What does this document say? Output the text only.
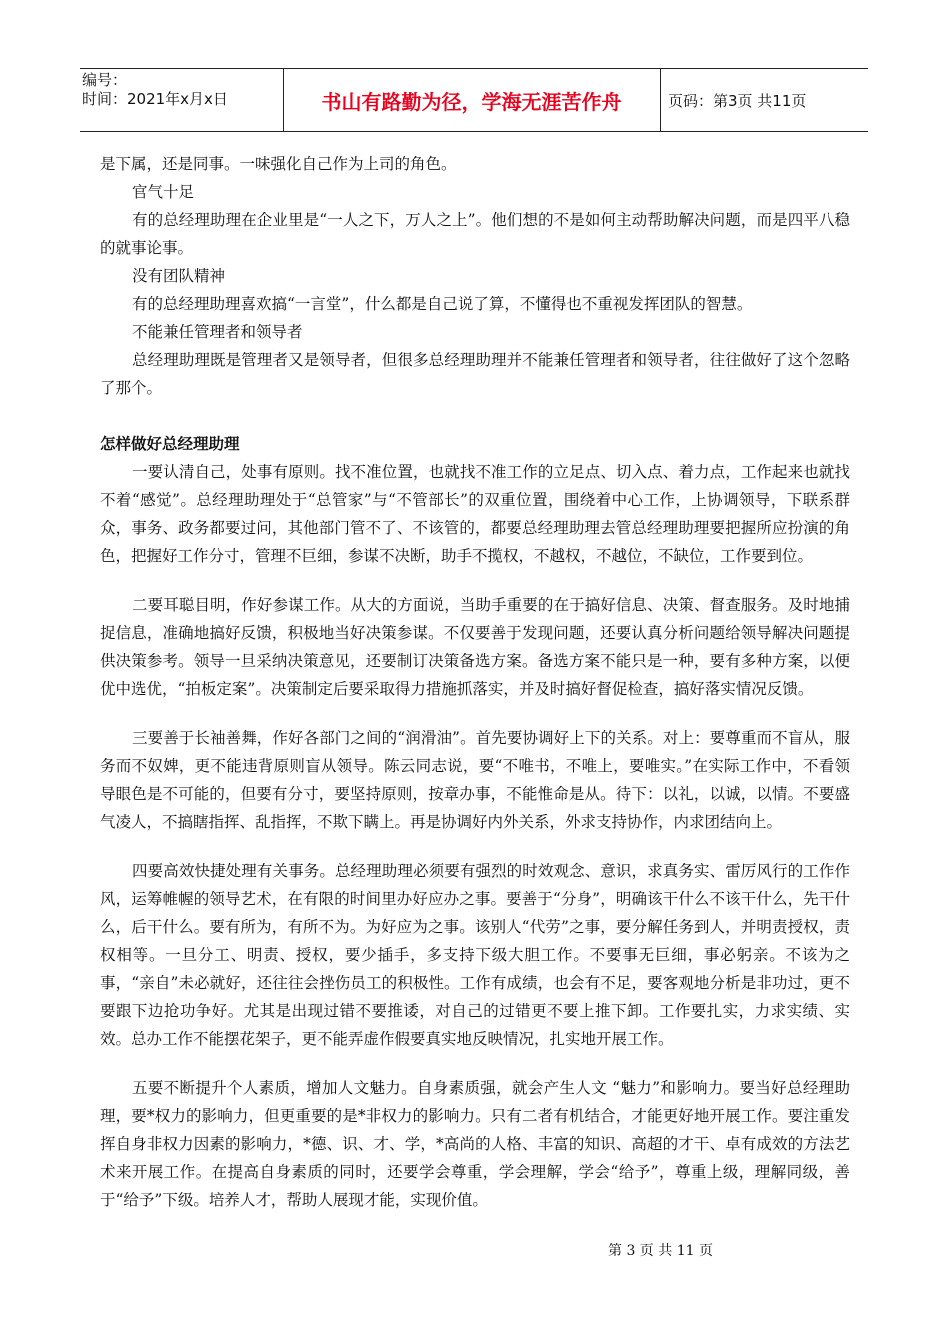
编号：
时间：2021年x月x日	书山有路勤为径，学海无涯苦作舟	页码：第3页 共11页

是下属，还是同事。一味强化自己作为上司的角色。

官气十足

有的总经理助理在企业里是“一人之下，万人之上”。他们想的不是如何主动帮助解决问题，而是四平八稳的就事论事。

没有团队精神

有的总经理助理喜欢搞“一言堂”，什么都是自己说了算，不懂得也不重视发挥团队的智慧。

不能兼任管理者和领导者

总经理助理既是管理者又是领导者，但很多总经理助理并不能兼任管理者和领导者，往往做好了这个忽略了那个。

怎样做好总经理助理

一要认清自己，处事有原则。找不准位置，也就找不准工作的立足点、切入点、着力点，工作起来也就找不着“感觉”。总经理助理处于“总管家”与“不管部长”的双重位置，围绕着中心工作，上协调领导，下联系群众，事务、政务都要过问，其他部门管不了、不该管的，都要总经理助理去管总经理助理要把握所应扮演的角色，把握好工作分寸，管理不巨细，参谋不决断，助手不揽权，不越权，不越位，不缺位，工作要到位。

二要耳聪目明，作好参谋工作。从大的方面说，当助手重要的在于搞好信息、决策、督查服务。及时地捕捉信息，准确地搞好反馈，积极地当好决策参谋。不仅要善于发现问题，还要认真分析问题给领导解决问题提供决策参考。领导一旦采纳决策意见，还要制订决策备选方案。备选方案不能只是一种，要有多种方案，以便优中选优，“拍板定案”。决策制定后要采取得力措施抓落实，并及时搞好督促检查，搞好落实情况反馈。

三要善于长袖善舞，作好各部门之间的“润滑油”。首先要协调好上下的关系。对上：要尊重而不盲从，服务而不奴婢，更不能违背原则盲从领导。陈云同志说，要“不唯书，不唯上，要唯实。”在实际工作中，不看领导眼色是不可能的，但要有分寸，要坚持原则，按章办事，不能惟命是从。待下：以礼，以诚，以情。不要盛气凌人，不搞瞎指挥、乱指挥，不欺下瞒上。再是协调好内外关系，外求支持协作，内求团结向上。

四要高效快捷处理有关事务。总经理助理必须要有强烈的时效观念、意识，求真务实、雷厉风行的工作作风，运筹帷幄的领导艺术，在有限的时间里办好应办之事。要善于“分身”，明确该干什么不该干什么，先干什么，后干什么。要有所为，有所不为。为好应为之事。该别人“代劳”之事，要分解任务到人，并明责授权，责权相等。一旦分工、明责、授权，要少插手，多支持下级大胆工作。不要事无巨细，事必躬亲。不该为之事，“亲自”未必就好，还往往会挫伤员工的积极性。工作有成绩，也会有不足，要客观地分析是非功过，更不要跟下边抢功争好。尤其是出现过错不要推诿，对自己的过错更不要上推下卸。工作要扎实，力求实绩、实效。总办工作不能摆花架子，更不能弄虚作假要真实地反映情况，扎实地开展工作。

五要不断提升个人素质，增加人文魅力。自身素质强，就会产生人文 “魅力”和影响力。要当好总经理助理，要*权力的影响力，但更重要的是*非权力的影响力。只有二者有机结合，才能更好地开展工作。要注重发挥自身非权力因素的影响力，*德、识、才、学，*高尚的人格、丰富的知识、高超的才干、卓有成效的方法艺术来开展工作。在提高自身素质的同时，还要学会尊重，学会理解，学会“给予”，尊重上级，理解同级，善于“给予”下级。培养人才，帮助人展现才能，实现价值。

第 3 页 共 11 页
